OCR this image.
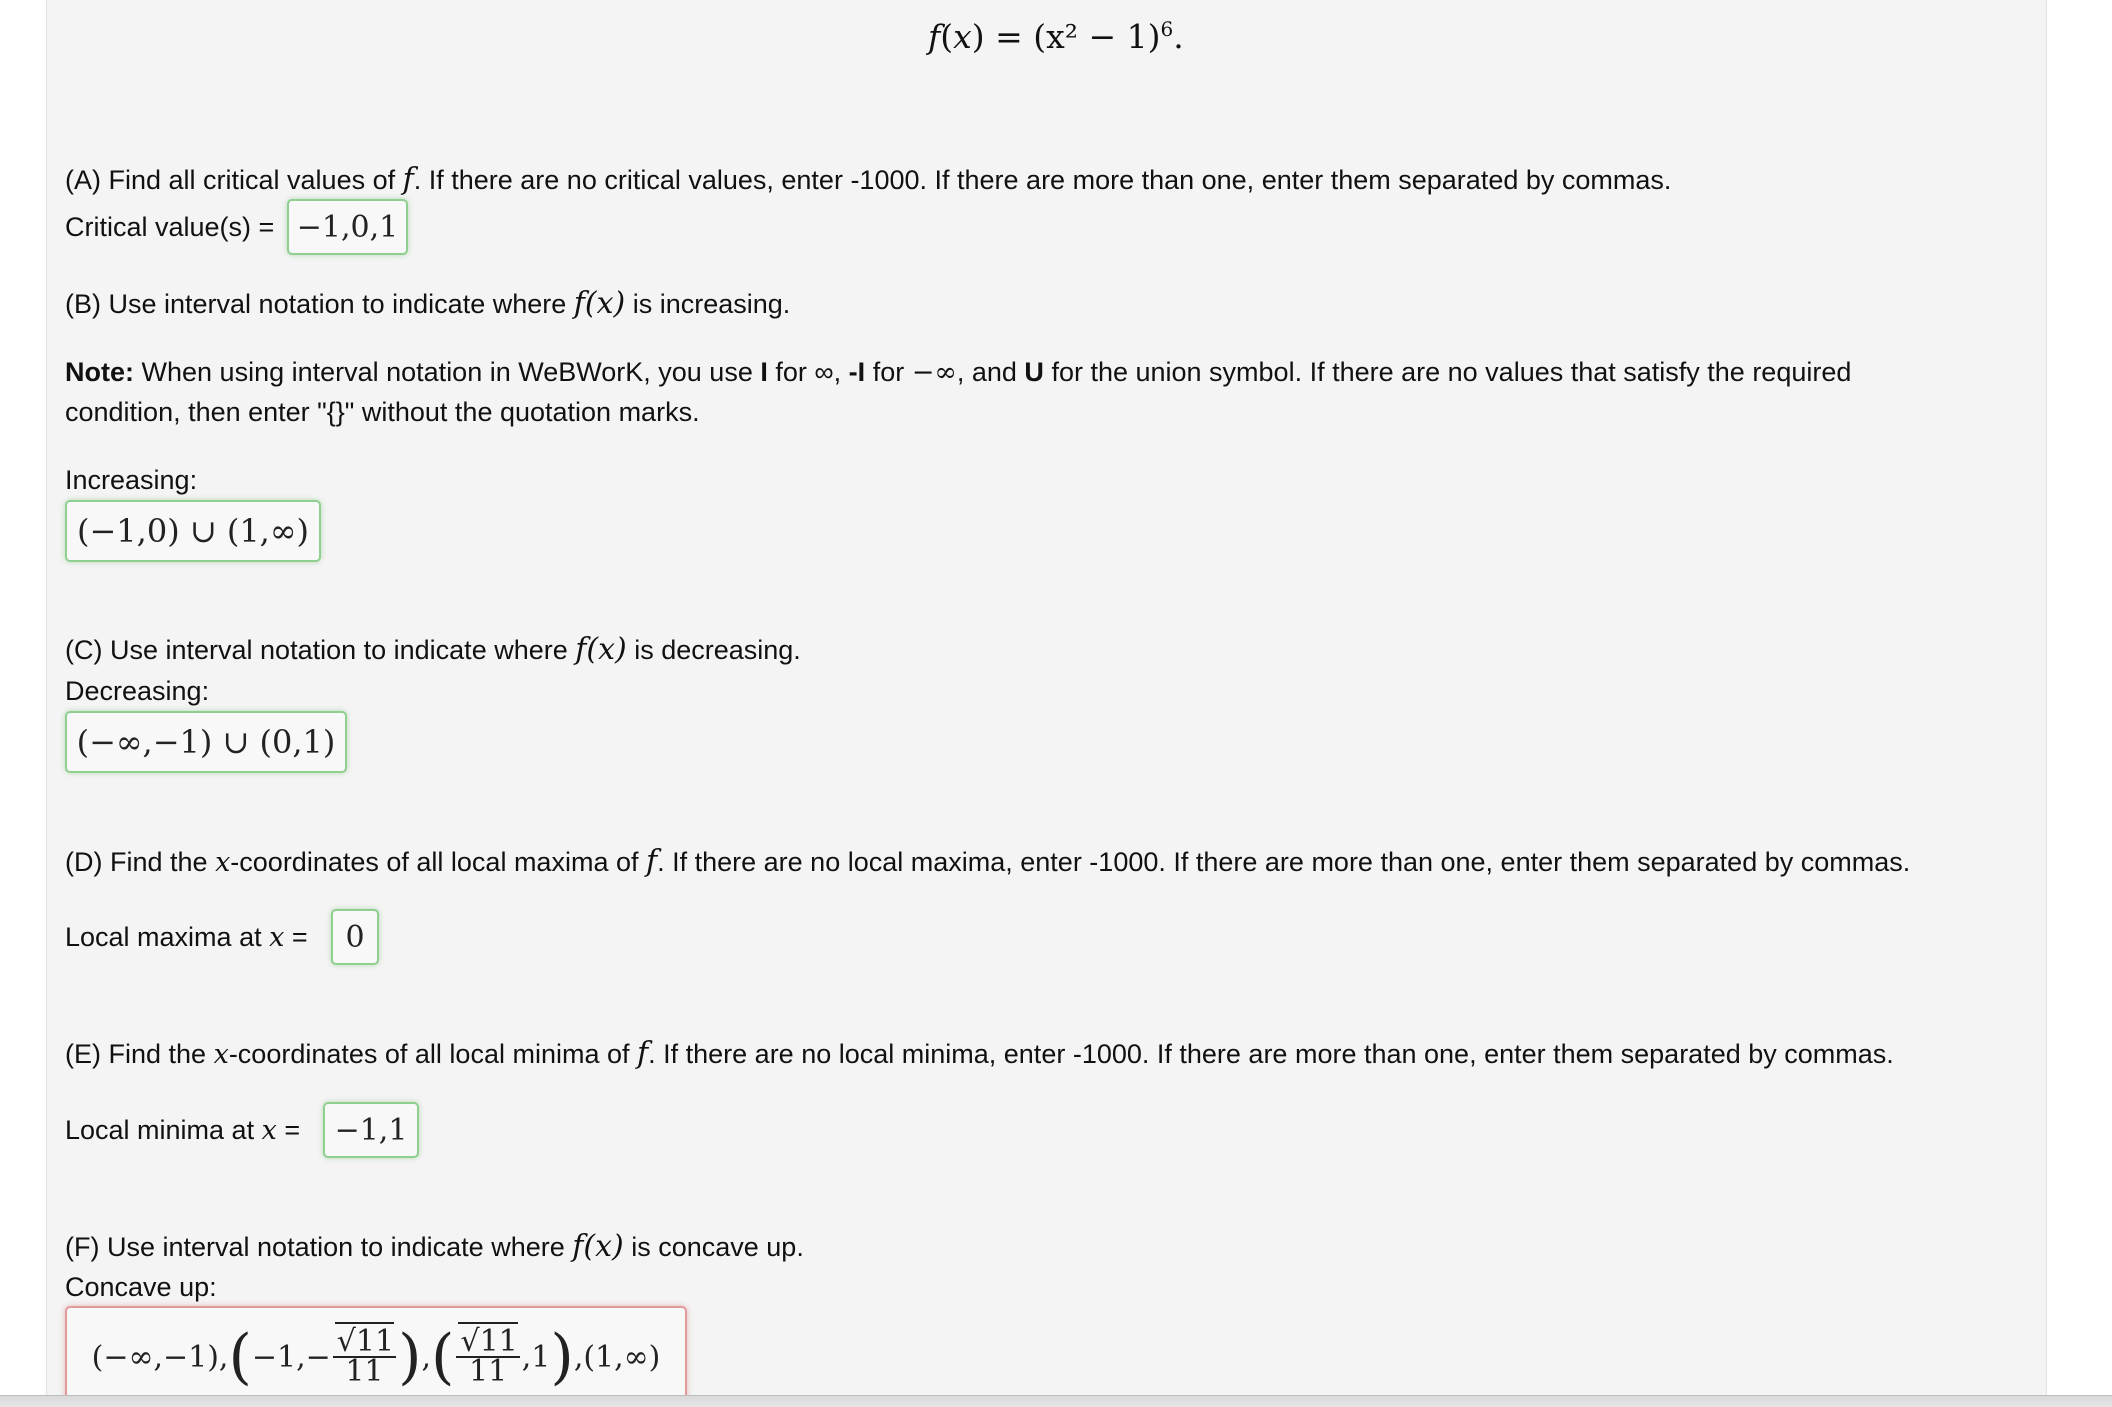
$f(x) = (x^2 - 1)^6$.
(A) Find all critical values of f. If there are no critical values, enter -1000. If there are more than one, enter them separated by commas.
Critical value(s) = −1,0,1
(B) Use interval notation to indicate where f(x) is increasing.
Note: When using interval notation in WeBWorK, you use I for ∞, -I for −∞, and U for the union symbol. If there are no values that satisfy the required
condition, then enter "{}" without the quotation marks.
Increasing:
(−1,0) ∪ (1,∞)
(C) Use interval notation to indicate where f(x) is decreasing.
Decreasing:
(−∞,−1) ∪ (0,1)
(D) Find the x-coordinates of all local maxima of f. If there are no local maxima, enter -1000. If there are more than one, enter them separated by commas.
Local maxima at x =	0
(E) Find the x-coordinates of all local minima of f. If there are no local minima, enter -1000. If there are more than one, enter them separated by commas.
Local minima at x =	−1,1
(F) Use interval notation to indicate where f(x) is concave up.
Concave up:
(−∞,−1), ( $-1,- \frac{√11}{11}$ ) , ( $\frac{√11}{11} ,1$ ) ,(1,∞)
